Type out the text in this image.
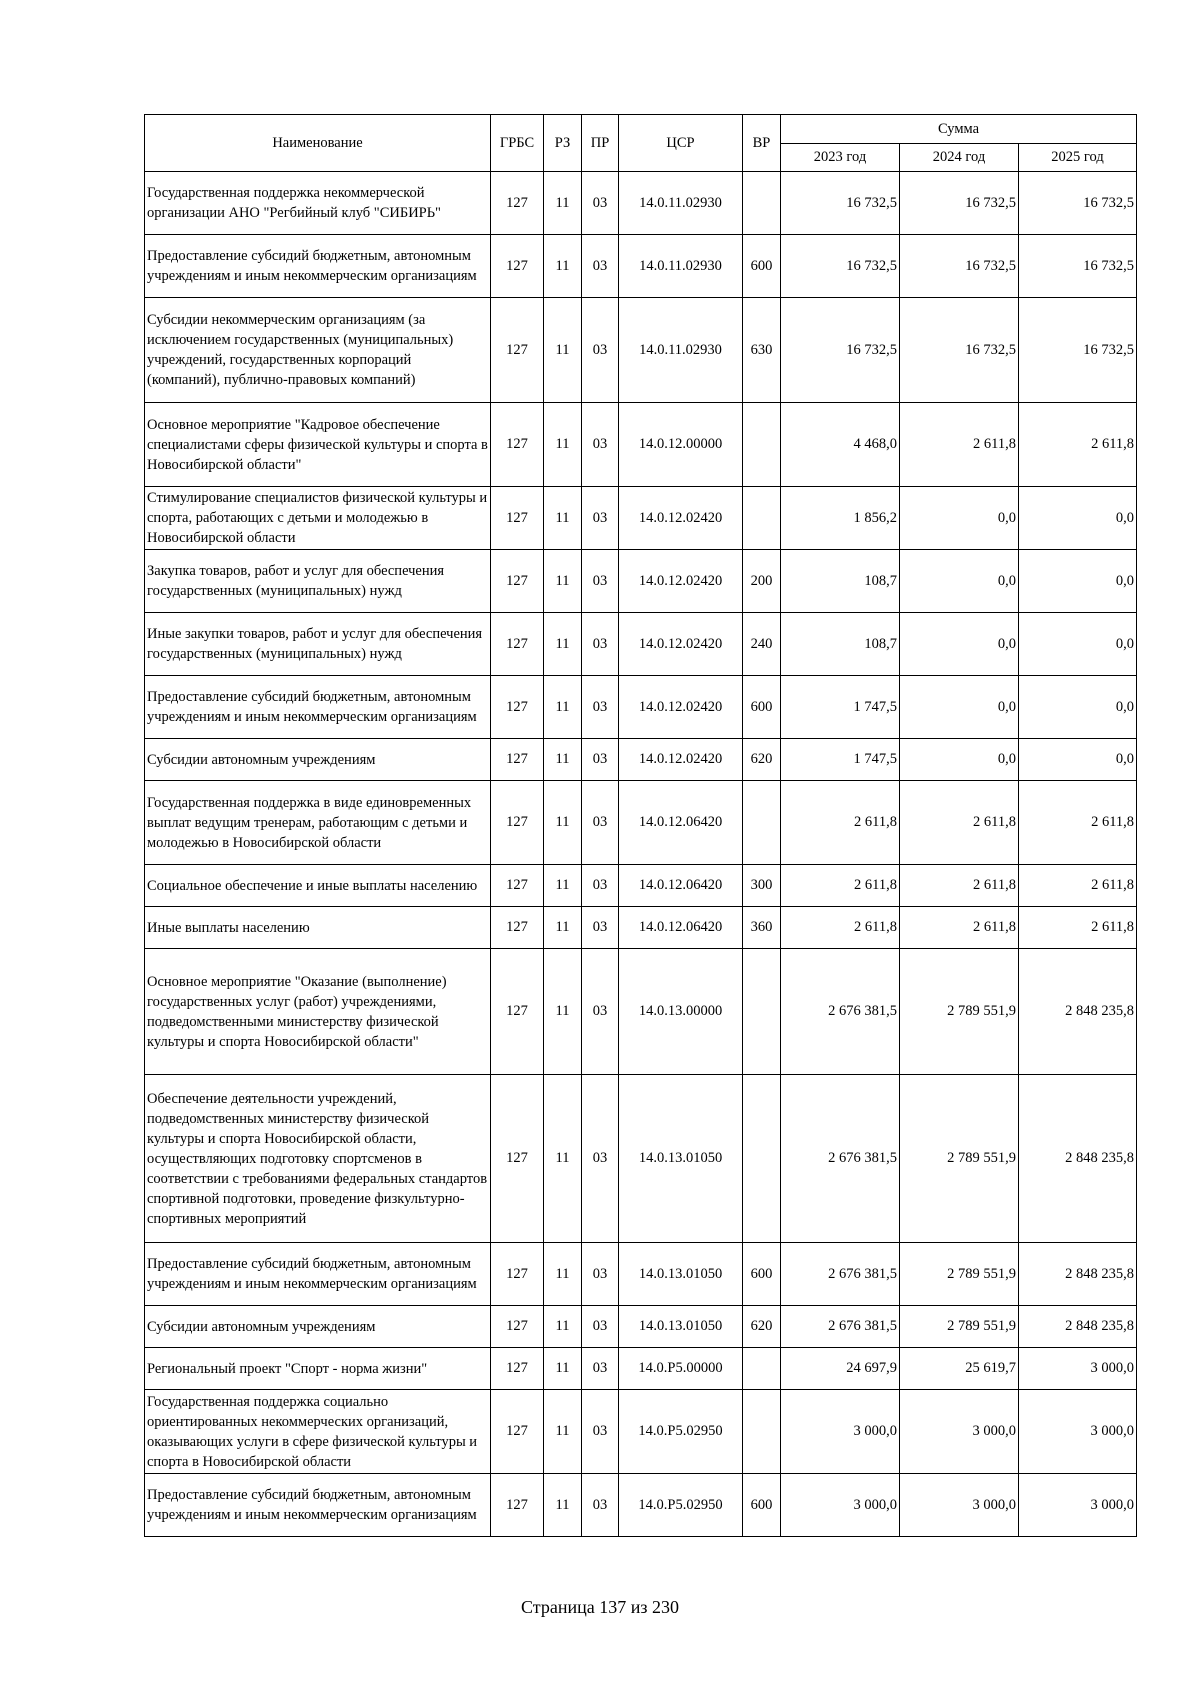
Наименование	ГРБС	РЗ	ПР	ЦСР	ВР	Сумма		
						2023 год	2024 год	2025 год
Государственная поддержка некоммерческой организации АНО "Регбийный клуб "СИБИРЬ"	127	11	03	14.0.11.02930		16 732,5	16 732,5	16 732,5
Предоставление субсидий бюджетным, автономным учреждениям и иным некоммерческим организациям	127	11	03	14.0.11.02930	600	16 732,5	16 732,5	16 732,5
Субсидии некоммерческим организациям (за исключением государственных (муниципальных) учреждений, государственных корпораций (компаний), публично-правовых компаний)	127	11	03	14.0.11.02930	630	16 732,5	16 732,5	16 732,5
Основное мероприятие "Кадровое обеспечение специалистами сферы физической культуры и спорта в Новосибирской области"	127	11	03	14.0.12.00000		4 468,0	2 611,8	2 611,8
Стимулирование специалистов физической культуры и спорта, работающих с детьми и молодежью в Новосибирской области	127	11	03	14.0.12.02420		1 856,2	0,0	0,0
Закупка товаров, работ и услуг для обеспечения государственных (муниципальных) нужд	127	11	03	14.0.12.02420	200	108,7	0,0	0,0
Иные закупки товаров, работ и услуг для обеспечения государственных (муниципальных) нужд	127	11	03	14.0.12.02420	240	108,7	0,0	0,0
Предоставление субсидий бюджетным, автономным учреждениям и иным некоммерческим организациям	127	11	03	14.0.12.02420	600	1 747,5	0,0	0,0
Субсидии автономным учреждениям	127	11	03	14.0.12.02420	620	1 747,5	0,0	0,0
Государственная поддержка в виде единовременных выплат ведущим тренерам, работающим с детьми и молодежью в Новосибирской области	127	11	03	14.0.12.06420		2 611,8	2 611,8	2 611,8
Социальное обеспечение и иные выплаты населению	127	11	03	14.0.12.06420	300	2 611,8	2 611,8	2 611,8
Иные выплаты населению	127	11	03	14.0.12.06420	360	2 611,8	2 611,8	2 611,8
Основное мероприятие "Оказание (выполнение) государственных услуг (работ) учреждениями, подведомственными министерству физической культуры и спорта Новосибирской области"	127	11	03	14.0.13.00000		2 676 381,5	2 789 551,9	2 848 235,8
Обеспечение деятельности учреждений, подведомственных министерству физической культуры и спорта Новосибирской области, осуществляющих подготовку спортсменов в соответствии с требованиями федеральных стандартов спортивной подготовки, проведение физкультурно-спортивных мероприятий	127	11	03	14.0.13.01050		2 676 381,5	2 789 551,9	2 848 235,8
Предоставление субсидий бюджетным, автономным учреждениям и иным некоммерческим организациям	127	11	03	14.0.13.01050	600	2 676 381,5	2 789 551,9	2 848 235,8
Субсидии автономным учреждениям	127	11	03	14.0.13.01050	620	2 676 381,5	2 789 551,9	2 848 235,8
Региональный проект "Спорт - норма жизни"	127	11	03	14.0.P5.00000		24 697,9	25 619,7	3 000,0
Государственная поддержка социально ориентированных некоммерческих организаций, оказывающих услуги в сфере физической культуры и спорта в Новосибирской области	127	11	03	14.0.P5.02950		3 000,0	3 000,0	3 000,0
Предоставление субсидий бюджетным, автономным учреждениям и иным некоммерческим организациям	127	11	03	14.0.P5.02950	600	3 000,0	3 000,0	3 000,0
Страница 137 из 230
